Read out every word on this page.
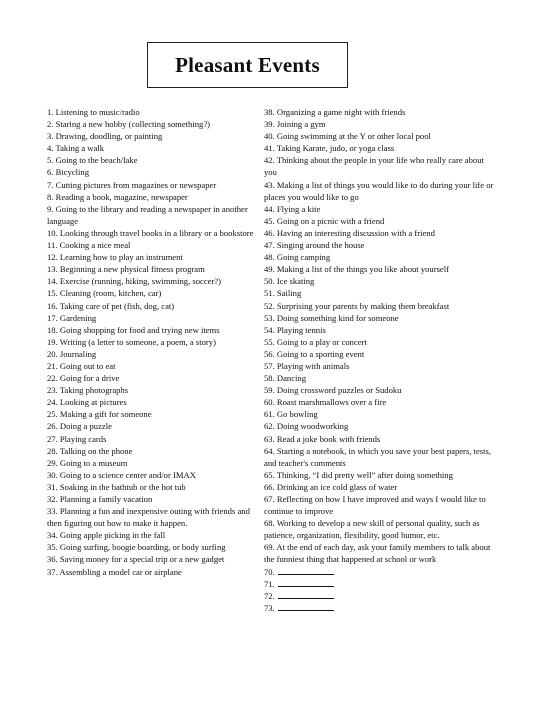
Pleasant Events
1. Listening to music/radio
2. Staring a new hobby (collecting something?)
3. Drawing, doodling, or painting
4. Taking a walk
5. Going to the beach/lake
6. Bicycling
7. Cutting pictures from magazines or newspaper
8. Reading a book, magazine, newspaper
9. Going to the library and reading a newspaper in another language
10. Looking through travel books in a library or a bookstore
11. Cooking a nice meal
12. Learning how to play an instrument
13. Beginning a new physical fitness program
14. Exercise (running, hiking, swimming, soccer?)
15. Cleaning (room, kitchen, car)
16. Taking care of pet (fish, dog, cat)
17. Gardening
18. Going shopping for food and trying new items
19. Writing (a letter to someone, a poem, a story)
20. Journaling
21. Going out to eat
22. Going for a drive
23. Taking photographs
24. Looking at pictures
25. Making a gift for someone
26. Doing a puzzle
27. Playing cards
28. Talking on the phone
29. Going to a museum
30. Going to a science center and/or IMAX
31. Soaking in the bathtub or the hot tub
32. Planning a family vacation
33. Planning a fun and inexpensive outing with friends and then figuring out how to make it happen.
34. Going apple picking in the fall
35. Going surfing, boogie boarding, or body surfing
36. Saving money for a special trip or a new gadget
37. Assembling a model car or airplane
38. Organizing a game night with friends
39. Joining a gym
40. Going swimming at the Y or other local pool
41. Taking Karate, judo, or yoga class
42. Thinking about the people in your life who really care about you
43. Making a list of things you would like to do during your life or places you would like to go
44. Flying a kite
45. Going on a picnic with a friend
46. Having an interesting discussion with a friend
47. Singing around the house
48. Going camping
49. Making a list of the things you like about yourself
50. Ice skating
51. Sailing
52. Surprising your parents by making them breakfast
53. Doing something kind for someone
54. Playing tennis
55. Going to a play or concert
56. Going to a sporting event
57. Playing with animals
58. Dancing
59. Doing crossword puzzles or Sudoku
60. Roast marshmallows over a fire
61. Go bowling
62. Doing woodworking
63. Read a joke book with friends
64. Starting a notebook, in which you save your best papers, tests, and teacher's comments
65. Thinking, “I did pretty well” after doing something
66. Drinking an ice cold glass of water
67. Reflecting on how I have improved and ways I would like to continue to improve
68. Working to develop a new skill of personal quality, such as patience, organization, flexibility, good humor, etc.
69. At the end of each day, ask your family members to talk about the funniest thing that happened at school or work
70.
71.
72.
73.
